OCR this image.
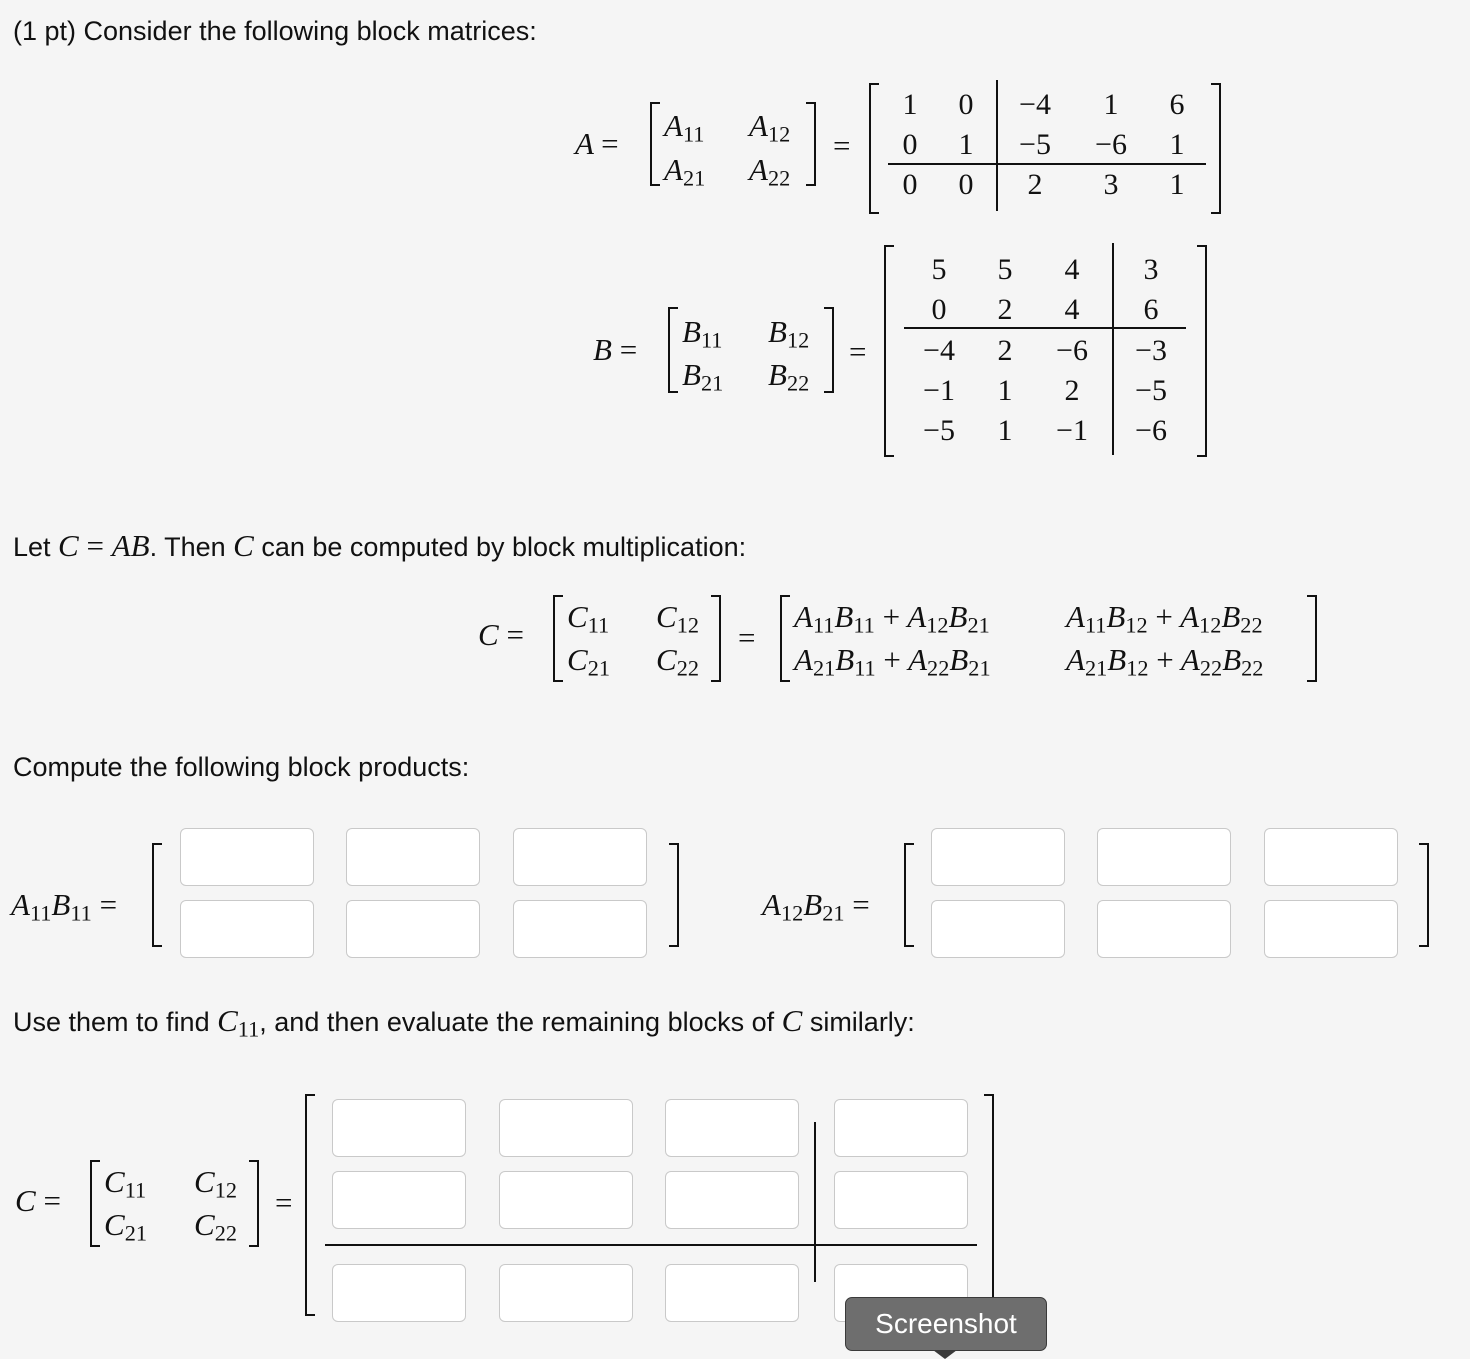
(1 pt) Consider the following block matrices:
A =
$A_{11}$ $A_{12}$
$A_{21}$ $A_{22}$
=
1	0	−4	1	6
0	1	−5	−6	1
0	0	2	3	1
B =
$B_{11}$ $B_{12}$
$B_{21}$ $B_{22}$
=
5	5	4	3
0	2	4	6
−4	2	−6	−3
−1	1	2	−5
−5	1	−1	−6
Let C = AB. Then C can be computed by block multiplication:
C =
$C_{11}$ $C_{12}$
$C_{21}$ $C_{22}$
=
$A_{11}B_{11} + A_{12}B_{21}$ $A_{11}B_{12} + A_{12}B_{22}$
$A_{21}B_{11} + A_{22}B_{21}$ $A_{21}B_{12} + A_{22}B_{22}$
Compute the following block products:
$A_{11}B_{11}$ =	$A_{12}B_{21}$ =
Use them to find $C_{11}$, and then evaluate the remaining blocks of C similarly:
C =
$C_{11}$ $C_{12}$
$C_{21}$ $C_{22}$
=
Screenshot
